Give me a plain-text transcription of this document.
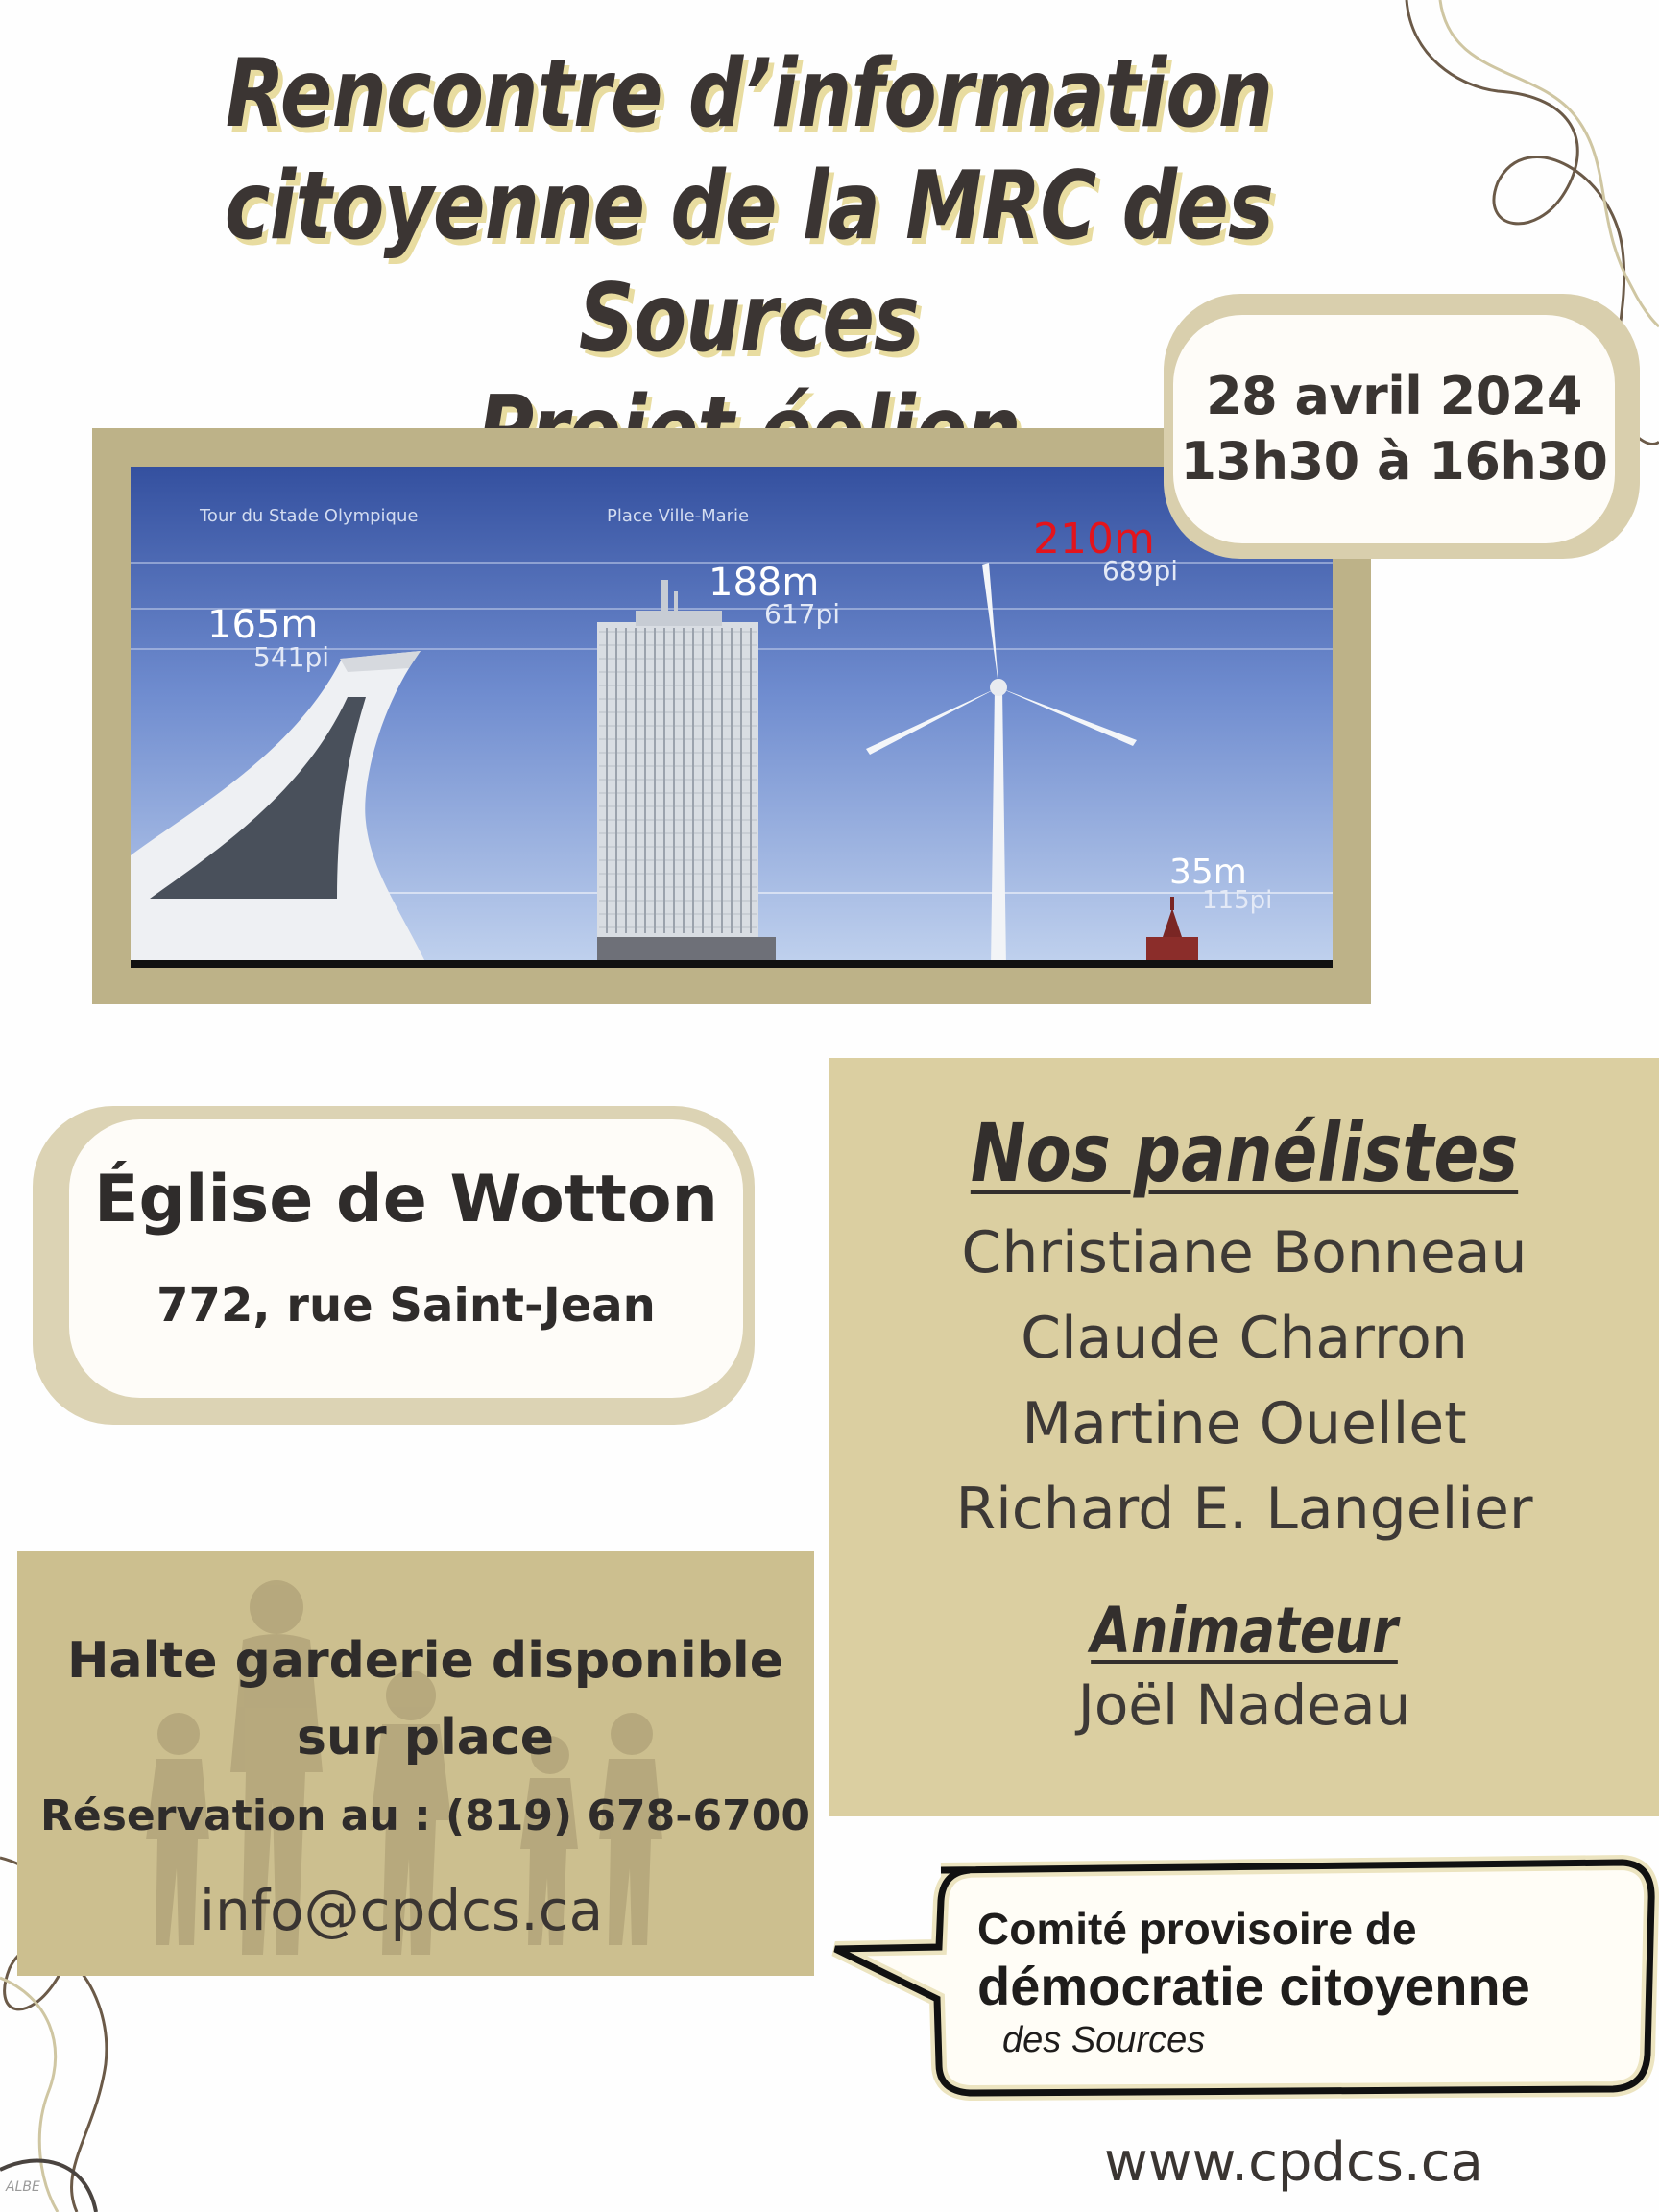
Rencontre d’information
citoyenne de la MRC des Sources
Tour du Stade Olympique	Place Ville-Marie
165m
541pi
188m
617pi
210m
689pi
35m
115pi
28 avril 2024
13h30 à 16h30
Église de Wotton
772, rue Saint-Jean
Nos panélistes
Christiane Bonneau
Claude Charron
Martine Ouellet
Richard E. Langelier
Animateur
Joël Nadeau
Halte garderie disponible
sur place
Réservation au : (819) 678-6700
info@cpdcs.ca	Comité provisoire de
démocratie citoyenne
des Sources
www.cpdcs.ca
ALBE
